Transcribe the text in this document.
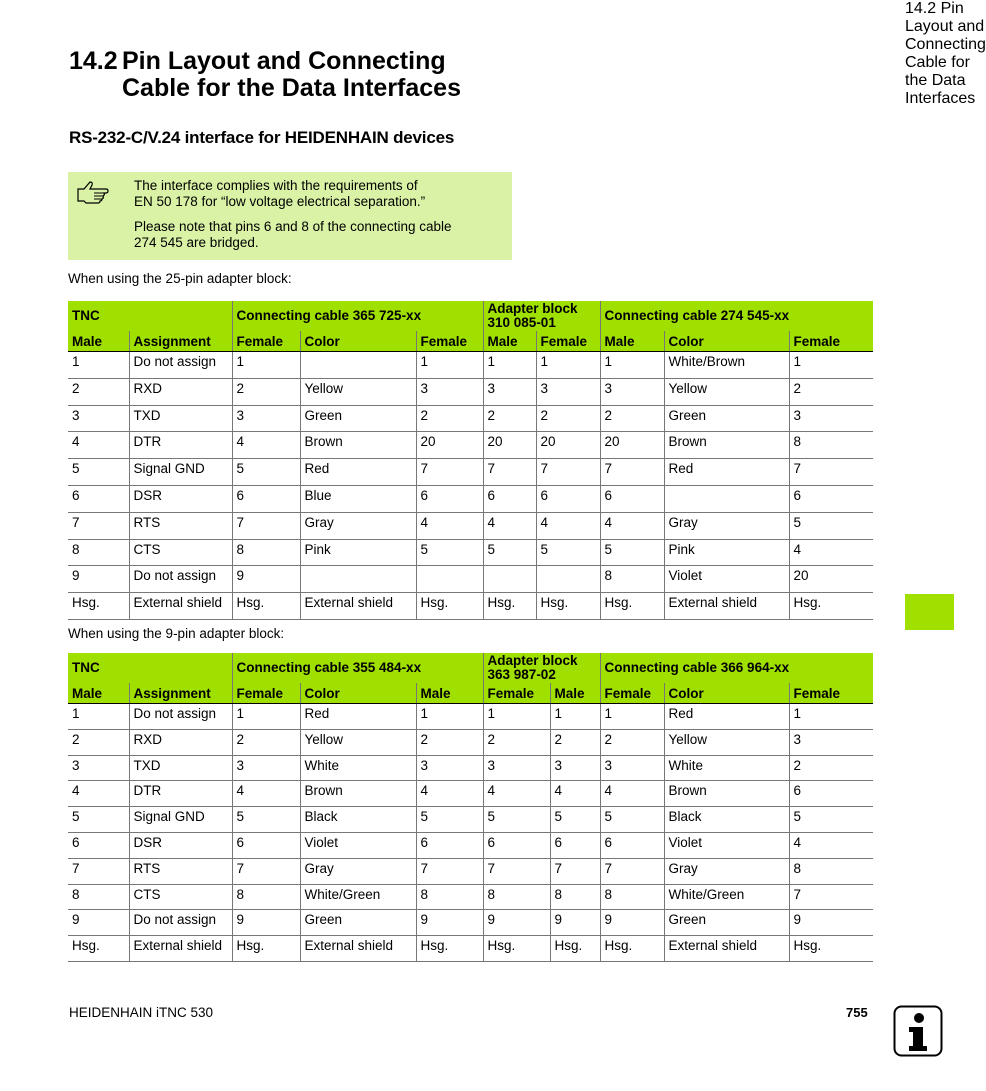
14.2 Pin Layout and Connecting
Cable for the Data Interfaces
RS-232-C/V.24 interface for HEIDENHAIN devices

The interface complies with the requirements of
EN 50 178 for “low voltage electrical separation.”

Please note that pins 6 and 8 of the connecting cable
274 545 are bridged.

When using the 25-pin adapter block:
TNC		Connecting cable 365 725-xx			Adapter block 310 085-01		Connecting cable 274 545-xx		
Male	Assignment	Female	Color	Female	Male	Female	Male	Color	Female
1	Do not assign	1		1	1	1	1	White/Brown	1
2	RXD	2	Yellow	3	3	3	3	Yellow	2
3	TXD	3	Green	2	2	2	2	Green	3
4	DTR	4	Brown	20	20	20	20	Brown	8
5	Signal GND	5	Red	7	7	7	7	Red	7
6	DSR	6	Blue	6	6	6	6		6
7	RTS	7	Gray	4	4	4	4	Gray	5
8	CTS	8	Pink	5	5	5	5	Pink	4
9	Do not assign	9					8	Violet	20
Hsg.	External shield	Hsg.	External shield	Hsg.	Hsg.	Hsg.	Hsg.	External shield	Hsg.
When using the 9-pin adapter block:
TNC		Connecting cable 355 484-xx			Adapter block 363 987-02		Connecting cable 366 964-xx		
Male	Assignment	Female	Color	Male	Female	Male	Female	Color	Female
1	Do not assign	1	Red	1	1	1	1	Red	1
2	RXD	2	Yellow	2	2	2	2	Yellow	3
3	TXD	3	White	3	3	3	3	White	2
4	DTR	4	Brown	4	4	4	4	Brown	6
5	Signal GND	5	Black	5	5	5	5	Black	5
6	DSR	6	Violet	6	6	6	6	Violet	4
7	RTS	7	Gray	7	7	7	7	Gray	8
8	CTS	8	White/Green	8	8	8	8	White/Green	7
9	Do not assign	9	Green	9	9	9	9	Green	9
Hsg.	External shield	Hsg.	External shield	Hsg.	Hsg.	Hsg.	Hsg.	External shield	Hsg.
14.2 Pin Layout and Connecting Cable for the Data Interfaces
HEIDENHAIN iTNC 530	755
